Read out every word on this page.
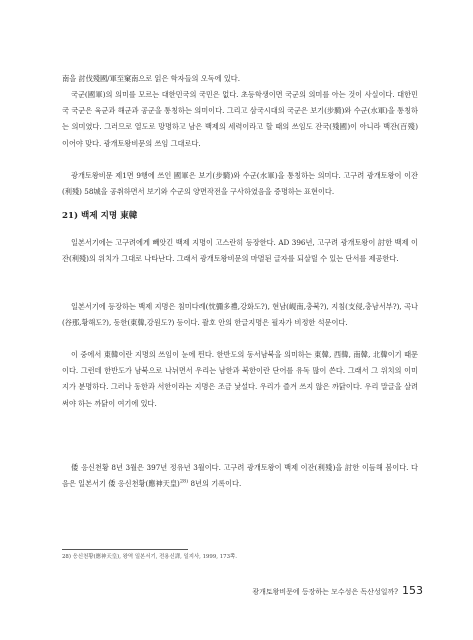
南을 討伐殘國/軍至窠南으로 읽은 학자들의 오독에 있다.

국군(國軍)의 의미를 모르는 대한민국의 국민은 없다. 초등학생이면 국군의 의미를 아는 것이 사실이다. 대한민국 국군은 육군과 해군과 공군을 통칭하는 의미이다. 그리고 삼국시대의 국군은 보기(步騎)와 수군(水軍)을 통칭하는 의미였다. 그러므로 열도로 망명하고 남은 백제의 세력이라고 할 때의 쓰임도 잔국(殘國)이 아니라 백잔(百殘)이어야 맞다. 광개토왕비문의 쓰임 그대로다.

광개토왕비문 제1면 9행에 쓰인 國軍은 보기(步騎)와 수군(水軍)을 통칭하는 의미다. 고구려 광개토왕이 이잔(利殘) 58城을 공취하면서 보기와 수군의 양면작전을 구사하였음을 증명하는 표현이다.

21) 백제 지명 東韓

일본서기에는 고구려에게 빼앗긴 백제 지명이 고스란히 등장한다. AD 396년, 고구려 광개토왕이 討한 백제 이잔(利殘)의 위치가 그대로 나타난다. 그래서 광개토왕비문의 마멸된 글자를 되살릴 수 있는 단서를 제공한다.

일본서기에 등장하는 백제 지명은 침미다례(忱彌多禮,강화도?), 현남(峴南,충북?), 지침(支侵,충남서부?), 곡나(谷那,황해도?), 동한(東韓,강원도?) 등이다. 괄호 안의 한글지명은 필자가 비정한 석문이다.

이 중에서 東韓이란 지명의 쓰임이 눈에 띈다. 한반도의 동서남북을 의미하는 東韓, 西韓, 南韓, 北韓이기 때문이다. 그런데 한반도가 남북으로 나뉘면서 우리는 남한과 북한이란 단어를 유독 많이 쓴다. 그래서 그 위치의 이미지가 분명하다. 그러나 동한과 서한이라는 지명은 조금 낯설다. 우리가 즐겨 쓰지 않은 까닭이다. 우리 말글을 살려 써야 하는 까닭이 여기에 있다.

倭 응신천황 8년 3월은 397년 정유년 3월이다. 고구려 광개토왕이 백제 이잔(利殘)을 討한 이듬해 봄이다. 다음은 일본서기 倭 응신천황(應神天皇)$^{28)}$ 8년의 기록이다.

28) 응신천황(應神天皇), 왕역 일본서기, 전용신譯, 일지사, 1999, 173쪽.

광개토왕비문에 등장하는 모수성은 독산성일까? 153
